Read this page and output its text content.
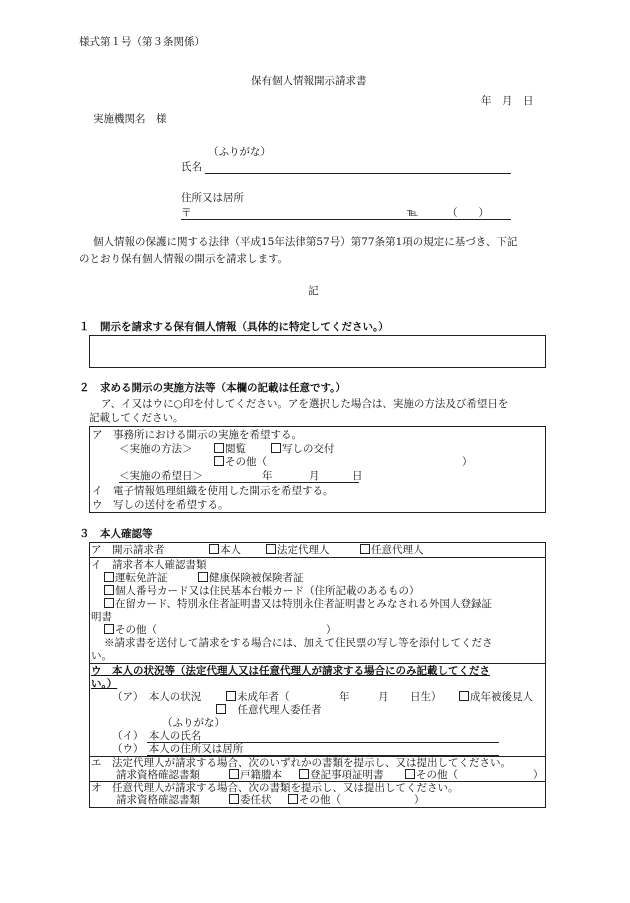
様式第１号（第３条関係）
保有個人情報開示請求書
年　月　日
実施機関名　様
（ふりがな）
氏名
住所又は居所
〒	℡	（　　）
個人情報の保護に関する法律（平成15年法律第57号）第77条第1項の規定に基づき、下記
のとおり保有個人情報の開示を請求します。
記
１　開示を請求する保有個人情報（具体的に特定してください。）
２　求める開示の実施方法等（本欄の記載は任意です。）
ア、イ又はウに○印を付してください。アを選択した場合は、実施の方法及び希望日を
記載してください。
ア　事務所における開示の実施を希望する。
＜実施の方法＞	閲覧	写しの交付
その他（	）
＜実施の希望日＞	年	月	日
イ　電子情報処理組織を使用した開示を希望する。
ウ　写しの送付を希望する。
３　本人確認等
ア　開示請求者	本人	法定代理人	任意代理人
イ　請求者本人確認書類
運転免許証	健康保険被保険者証
個人番号カード又は住民基本台帳カード（住所記載のあるもの）
在留カード、特別永住者証明書又は特別永住者証明書とみなされる外国人登録証
明書
その他（	）
※請求書を送付して請求をする場合には、加えて住民票の写し等を添付してくださ
い。
ウ　本人の状況等（法定代理人又は任意代理人が請求する場合にのみ記載してくださ
い。）
（ア）　本人の状況	未成年者（	年	月 日生）	成年被後見人
　任意代理人委任者
（ふりがな）
（イ）　本人の氏名
（ウ）　本人の住所又は居所
エ　法定代理人が請求する場合、次のいずれかの書類を提示し、又は提出してください。
請求資格確認書類	戸籍謄本	登記事項証明書	その他（	）
オ　任意代理人が請求する場合、次の書類を提示し、又は提出してください。
請求資格確認書類	委任状	その他（	）
